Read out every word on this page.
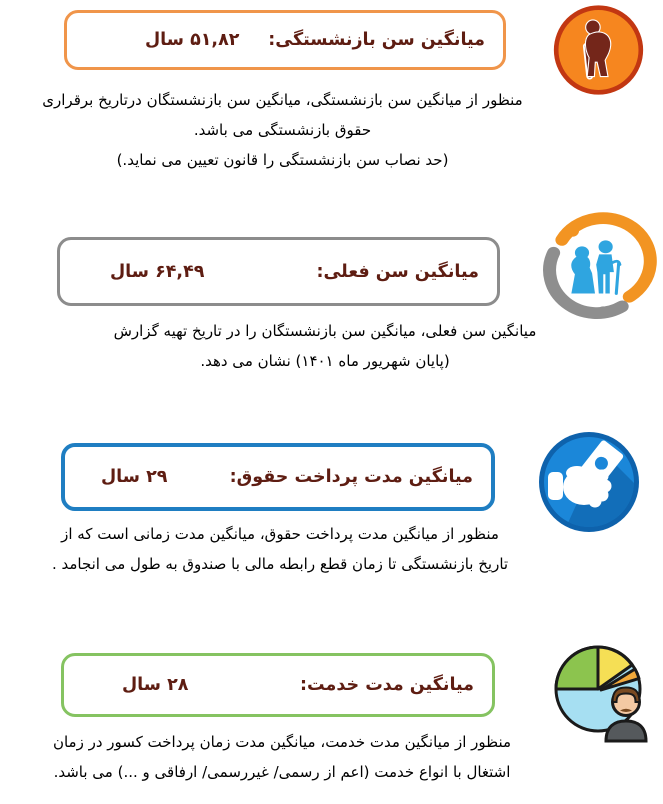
میانگین سن بازنشستگی:
۵۱,۸۲ سال
منظور از میانگین سن بازنشستگی، میانگین سن بازنشستگان درتاریخ برقراری
حقوق بازنشستگی می باشد.
(حد نصاب سن بازنشستگی را قانون تعیین می نماید.)
میانگین سن فعلی:
۶۴,۴۹ سال
میانگین سن فعلی، میانگین سن بازنشستگان را در تاریخ تهیه گزارش
(پایان شهریور ماه ۱۴۰۱) نشان می دهد.
میانگین مدت پرداخت حقوق:
۲۹ سال
منظور از میانگین مدت پرداخت حقوق، میانگین مدت زمانی است که از
تاریخ بازنشستگی تا زمان قطع رابطه مالی با صندوق به طول می انجامد .
میانگین مدت خدمت:
۲۸ سال
منظور از میانگین مدت خدمت، میانگین مدت زمان پرداخت کسور در زمان
اشتغال با انواع خدمت (اعم از رسمی/ غیررسمی/ ارفاقی و ...) می باشد.
